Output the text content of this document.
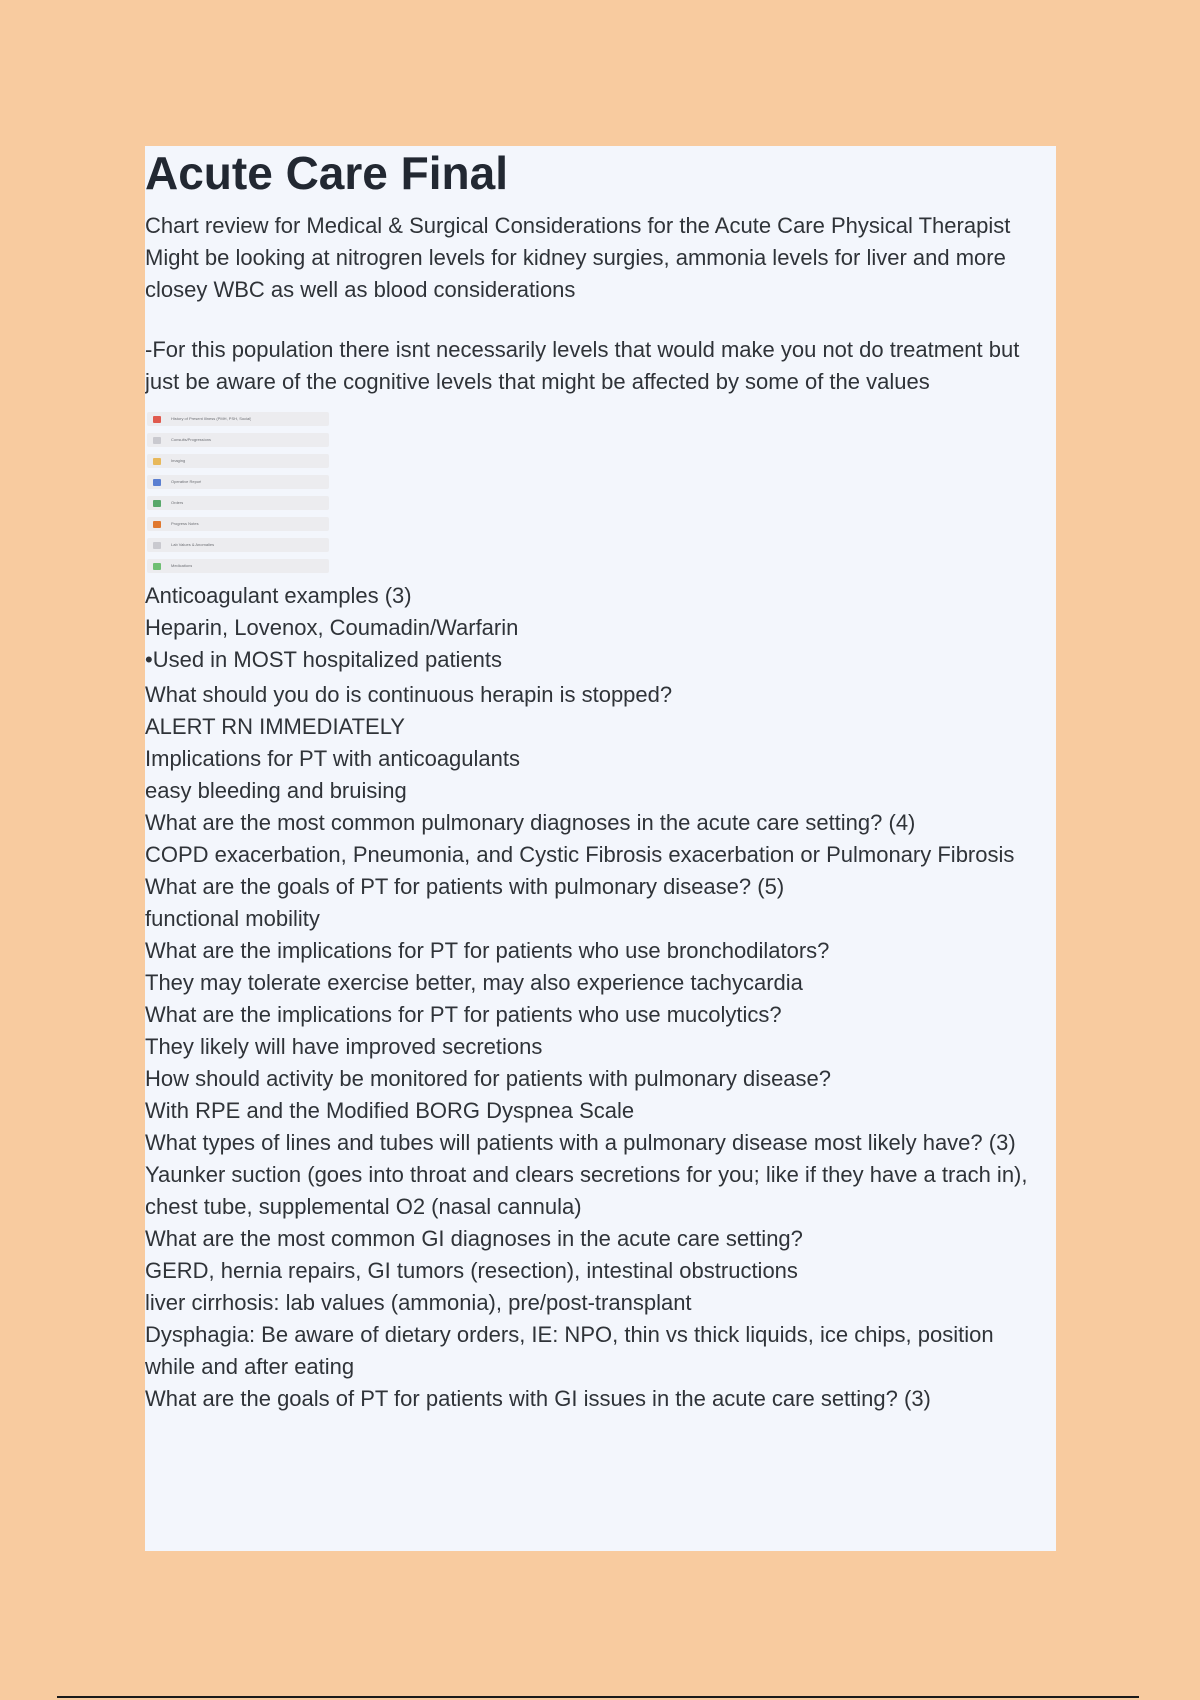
Acute Care Final

Chart review for Medical & Surgical Considerations for the Acute Care Physical Therapist

Might be looking at nitrogren levels for kidney surgies, ammonia levels for liver and more closey WBC as well as blood considerations

-For this population there isnt necessarily levels that would make you not do treatment but just be aware of the cognitive levels that might be affected by some of the values

History of Present Illness (PMH, PSH, Social)
Consults/Progressions
Imaging
Operative Report
Orders
Progress Notes
Lab Values & Anomalies
Medications

Anticoagulant examples (3)

Heparin, Lovenox, Coumadin/Warfarin

•Used in MOST hospitalized patients

What should you do is continuous herapin is stopped?

ALERT RN IMMEDIATELY

Implications for PT with anticoagulants

easy bleeding and bruising

What are the most common pulmonary diagnoses in the acute care setting? (4)

COPD exacerbation, Pneumonia, and Cystic Fibrosis exacerbation or Pulmonary Fibrosis

What are the goals of PT for patients with pulmonary disease? (5)

functional mobility

What are the implications for PT for patients who use bronchodilators?

They may tolerate exercise better, may also experience tachycardia

What are the implications for PT for patients who use mucolytics?

They likely will have improved secretions

How should activity be monitored for patients with pulmonary disease?

With RPE and the Modified BORG Dyspnea Scale

What types of lines and tubes will patients with a pulmonary disease most likely have? (3)

Yaunker suction (goes into throat and clears secretions for you; like if they have a trach in), chest tube, supplemental O2 (nasal cannula)

What are the most common GI diagnoses in the acute care setting?

GERD, hernia repairs, GI tumors (resection), intestinal obstructions

liver cirrhosis: lab values (ammonia), pre/post-transplant

Dysphagia: Be aware of dietary orders, IE: NPO, thin vs thick liquids, ice chips, position while and after eating

What are the goals of PT for patients with GI issues in the acute care setting? (3)
